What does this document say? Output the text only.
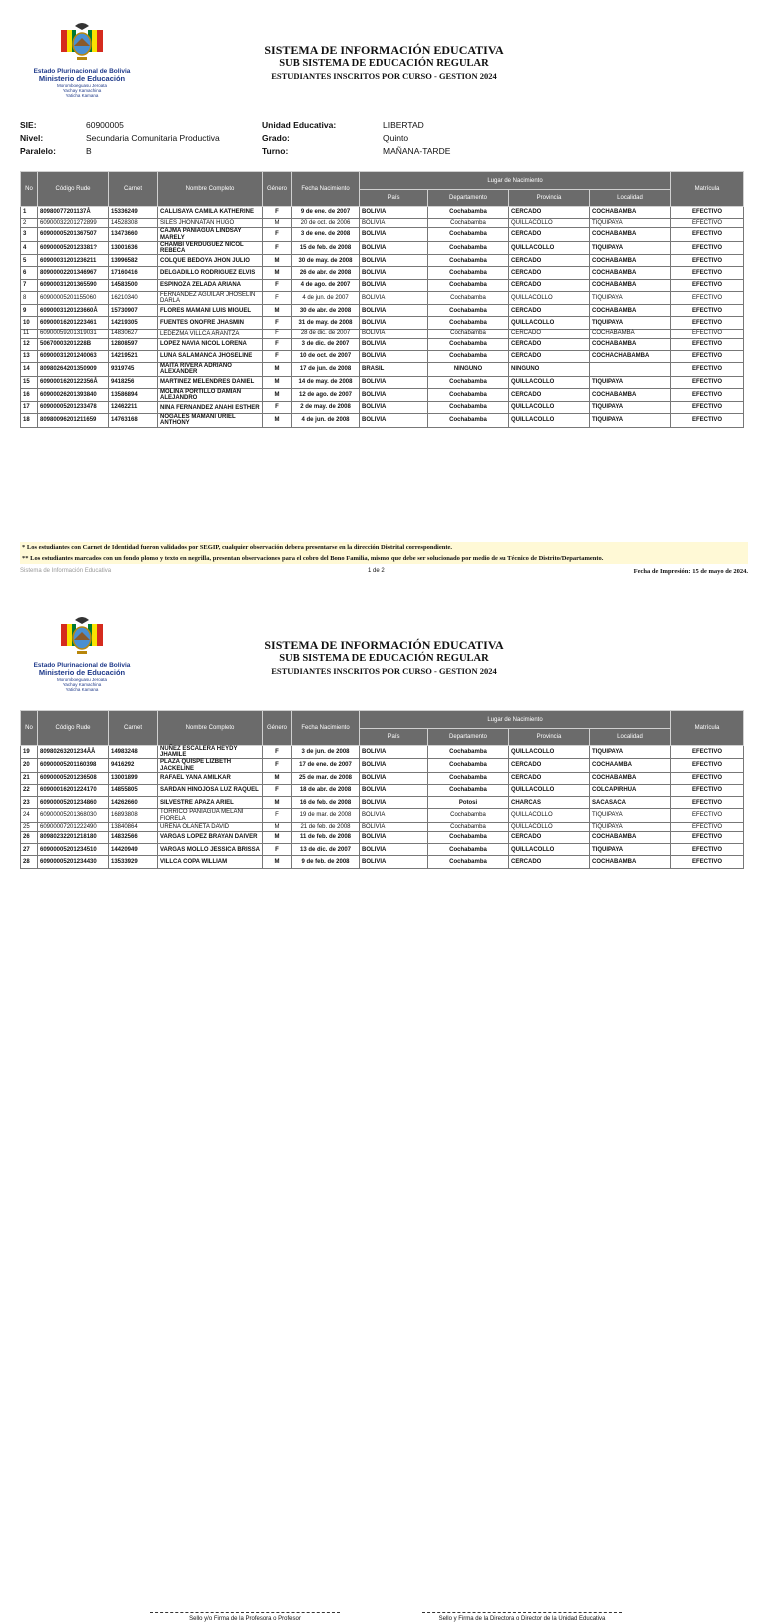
Estado Plurinacional de Bolivia
Ministerio de Educación
Moromboeguasu Jeroata
Yachay Kamachina
Yaticha Kamana
SISTEMA DE INFORMACIÓN EDUCATIVA
SUB SISTEMA DE EDUCACIÓN REGULAR
ESTUDIANTES INSCRITOS POR CURSO - GESTION 2024
SIE:	60900005	Unidad Educativa:	LIBERTAD
Nivel:	Secundaria Comunitaria Productiva	Grado:	Quinto
Paralelo:	B	Turno:	MAÑANA-TARDE
No	Código Rude	Carnet	Nombre Completo	Género	Fecha Nacimiento	Lugar de Nacimiento				Matrícula
						País	Departamento	Provincia	Localidad	
1	80980077201137Å	15336249	CALLISAYA CAMILA KATHERINE	F	9 de ene. de 2007	BOLIVIA	Cochabamba	CERCADO	COCHABAMBA	EFECTIVO
2	60900032201272899	14528308	SILES JHONNATAN HUGO	M	20 de oct. de 2006	BOLIVIA	Cochabamba	QUILLACOLLO	TIQUIPAYA	EFECTIVO
3	60900005201367507	13473660	CAJMA PANIAGUA LINDSAY MARELY	F	3 de ene. de 2008	BOLIVIA	Cochabamba	CERCADO	COCHABAMBA	EFECTIVO
4	6090000520123381?	13001636	CHAMBI VERDUGUEZ NICOL REBECA	F	15 de feb. de 2008	BOLIVIA	Cochabamba	QUILLACOLLO	TIQUIPAYA	EFECTIVO
5	60900031201236211	13996582	COLQUE BEDOYA JHON JULIO	M	30 de may. de 2008	BOLIVIA	Cochabamba	CERCADO	COCHABAMBA	EFECTIVO
6	80900002201346967	17160416	DELGADILLO RODRIGUEZ ELVIS	M	26 de abr. de 2008	BOLIVIA	Cochabamba	CERCADO	COCHABAMBA	EFECTIVO
7	60900031201365590	14583500	ESPINOZA ZELADA ARIANA	F	4 de ago. de 2007	BOLIVIA	Cochabamba	CERCADO	COCHABAMBA	EFECTIVO
8	60900005201155060	16210340	FERNANDEZ AGUILAR JHOSELIN DARLA	F	4 de jun. de 2007	BOLIVIA	Cochabamba	QUILLACOLLO	TIQUIPAYA	EFECTIVO
9	6090003120123660Å	15730907	FLORES MAMANI LUIS MIGUEL	M	30 de abr. de 2008	BOLIVIA	Cochabamba	CERCADO	COCHABAMBA	EFECTIVO
10	60900016201223461	14219305	FUENTES ONOFRE JHASMIN	F	31 de may. de 2008	BOLIVIA	Cochabamba	QUILLACOLLO	TIQUIPAYA	EFECTIVO
11	60900059201319031	14830627	LEDEZMA VILLCA ARANTZA	F	28 de dic. de 2007	BOLIVIA	Cochabamba	CERCADO	COCHABAMBA	EFECTIVO
12	50670003201228B	12808597	LOPEZ NAVIA NICOL LORENA	F	3 de dic. de 2007	BOLIVIA	Cochabamba	CERCADO	COCHABAMBA	EFECTIVO
13	60900031201240063	14219521	LUNA SALAMANCA JHOSELINE	F	10 de oct. de 2007	BOLIVIA	Cochabamba	CERCADO	COCHACHABAMBA	EFECTIVO
14	80980264201350909	9319745	MAITA RIVERA ADRIANO ALEXANDER	M	17 de jun. de 2008	BRASIL	NINGUNO	NINGUNO		EFECTIVO
15	6090001620122356Å	9418256	MARTINEZ MELENDRES DANIEL	M	14 de may. de 2008	BOLIVIA	Cochabamba	QUILLACOLLO	TIQUIPAYA	EFECTIVO
16	60900026201393840	13586894	MOLINA PORTILLO DAMIAN ALEJANDRO	M	12 de ago. de 2007	BOLIVIA	Cochabamba	CERCADO	COCHABAMBA	EFECTIVO
17	60900005201233478	12462211	NINA FERNANDEZ ANAHI ESTHER	F	2 de may. de 2008	BOLIVIA	Cochabamba	QUILLACOLLO	TIQUIPAYA	EFECTIVO
18	80980096201211659	14763168	NOGALES MAMANI URIEL ANTHONY	M	4 de jun. de 2008	BOLIVIA	Cochabamba	QUILLACOLLO	TIQUIPAYA	EFECTIVO
* Los estudiantes con Carnet de Identidad fueron validados por SEGIP, cualquier observación debera presentarse en la dirección Distrital correspondiente.
** Los estudiantes marcados con un fondo plomo y texto en negrilla, presentan observaciones para el cobro del Bono Familia, mismo que debe ser solucionado por medio de su Técnico de Distrito/Departamento.
Sistema de Información Educativa	1 de 2	Fecha de Impresión: 15 de mayo de 2024.
Estado Plurinacional de Bolivia
Ministerio de Educación
Moromboeguasu Jeroata
Yachay Kamachina
Yaticha Kamana
SISTEMA DE INFORMACIÓN EDUCATIVA
SUB SISTEMA DE EDUCACIÓN REGULAR
ESTUDIANTES INSCRITOS POR CURSO - GESTION 2024
No	Código Rude	Carnet	Nombre Completo	Género	Fecha Nacimiento	Lugar de Nacimiento				Matrícula
						País	Departamento	Provincia	Localidad	
19	80980263201234ÅÅ	14983248	NUÑEZ ESCALERA HEYDY JHAMILE	F	3 de jun. de 2008	BOLIVIA	Cochabamba	QUILLACOLLO	TIQUIPAYA	EFECTIVO
20	60900005201160398	9416292	PLAZA QUISPE LIZBETH JACKELINE	F	17 de ene. de 2007	BOLIVIA	Cochabamba	CERCADO	COCHAAMBA	EFECTIVO
21	60900005201236508	13001899	RAFAEL YANA AMILKAR	M	25 de mar. de 2008	BOLIVIA	Cochabamba	CERCADO	COCHABAMBA	EFECTIVO
22	60900016201224170	14855805	SARDAN HINOJOSA LUZ RAQUEL	F	18 de abr. de 2008	BOLIVIA	Cochabamba	QUILLACOLLO	COLCAPIRHUA	EFECTIVO
23	60900005201234860	14262660	SILVESTRE APAZA ARIEL	M	16 de feb. de 2008	BOLIVIA	Potosi	CHARCAS	SACASACA	EFECTIVO
24	60900005201368030	16893808	TORRICO PANIAGUA MELANI FIORELA	F	19 de mar. de 2008	BOLIVIA	Cochabamba	QUILLACOLLO	TIQUIPAYA	EFECTIVO
25	60900007201222490	13840864	UREÑA OLAÑETA DAVID	M	21 de feb. de 2008	BOLIVIA	Cochabamba	QUILLACOLLO	TIQUIPAYA	EFECTIVO
26	80980232201218180	14832566	VARGAS LOPEZ BRAYAN DAIVER	M	11 de feb. de 2008	BOLIVIA	Cochabamba	CERCADO	COCHABAMBA	EFECTIVO
27	60900005201234510	14420949	VARGAS MOLLO JESSICA BRISSA	F	13 de dic. de 2007	BOLIVIA	Cochabamba	QUILLACOLLO	TIQUIPAYA	EFECTIVO
28	60900005201234430	13533929	VILLCA COPA WILLIAM	M	9 de feb. de 2008	BOLIVIA	Cochabamba	CERCADO	COCHABAMBA	EFECTIVO
Sello y/o Firma de la Profesora o Profesor	Sello y Firma de la Directora o Director de la Unidad Educativa
